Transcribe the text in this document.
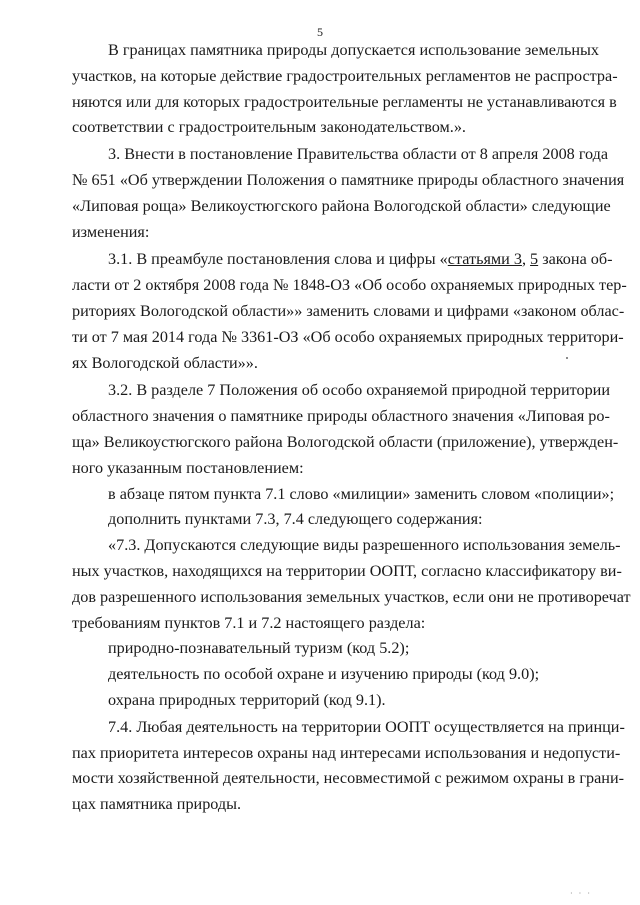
5

В границах памятника природы допускается использование земельных
участков, на которые действие градостроительных регламентов не распростра-
няются или для которых градостроительные регламенты не устанавливаются в
соответствии с градостроительным законодательством.».

3. Внести в постановление Правительства области от 8 апреля 2008 года
№ 651 «Об утверждении Положения о памятнике природы областного значения
«Липовая роща» Великоустюгского района Вологодской области» следующие
изменения:

3.1. В преамбуле постановления слова и цифры «статьями 3, 5 закона об-
ласти от 2 октября 2008 года № 1848-ОЗ «Об особо охраняемых природных тер-
риториях Вологодской области»» заменить словами и цифрами «законом облас-
ти от 7 мая 2014 года № 3361-ОЗ «Об особо охраняемых природных территори-
ях Вологодской области»».

3.2. В разделе 7 Положения об особо охраняемой природной территории
областного значения о памятнике природы областного значения «Липовая ро-
ща» Великоустюгского района Вологодской области (приложение), утвержден-
ного указанным постановлением:

в абзаце пятом пункта 7.1 слово «милиции» заменить словом «полиции»;

дополнить пунктами 7.3, 7.4 следующего содержания:

«7.3. Допускаются следующие виды разрешенного использования земель-
ных участков, находящихся на территории ООПТ, согласно классификатору ви-
дов разрешенного использования земельных участков, если они не противоречат
требованиям пунктов 7.1 и 7.2 настоящего раздела:

природно-познавательный туризм (код 5.2);

деятельность по особой охране и изучению природы (код 9.0);

охрана природных территорий (код 9.1).

7.4. Любая деятельность на территории ООПТ осуществляется на принци-
пах приоритета интересов охраны над интересами использования и недопусти-
мости хозяйственной деятельности, несовместимой с режимом охраны в грани-
цах памятника природы.

· · ·
